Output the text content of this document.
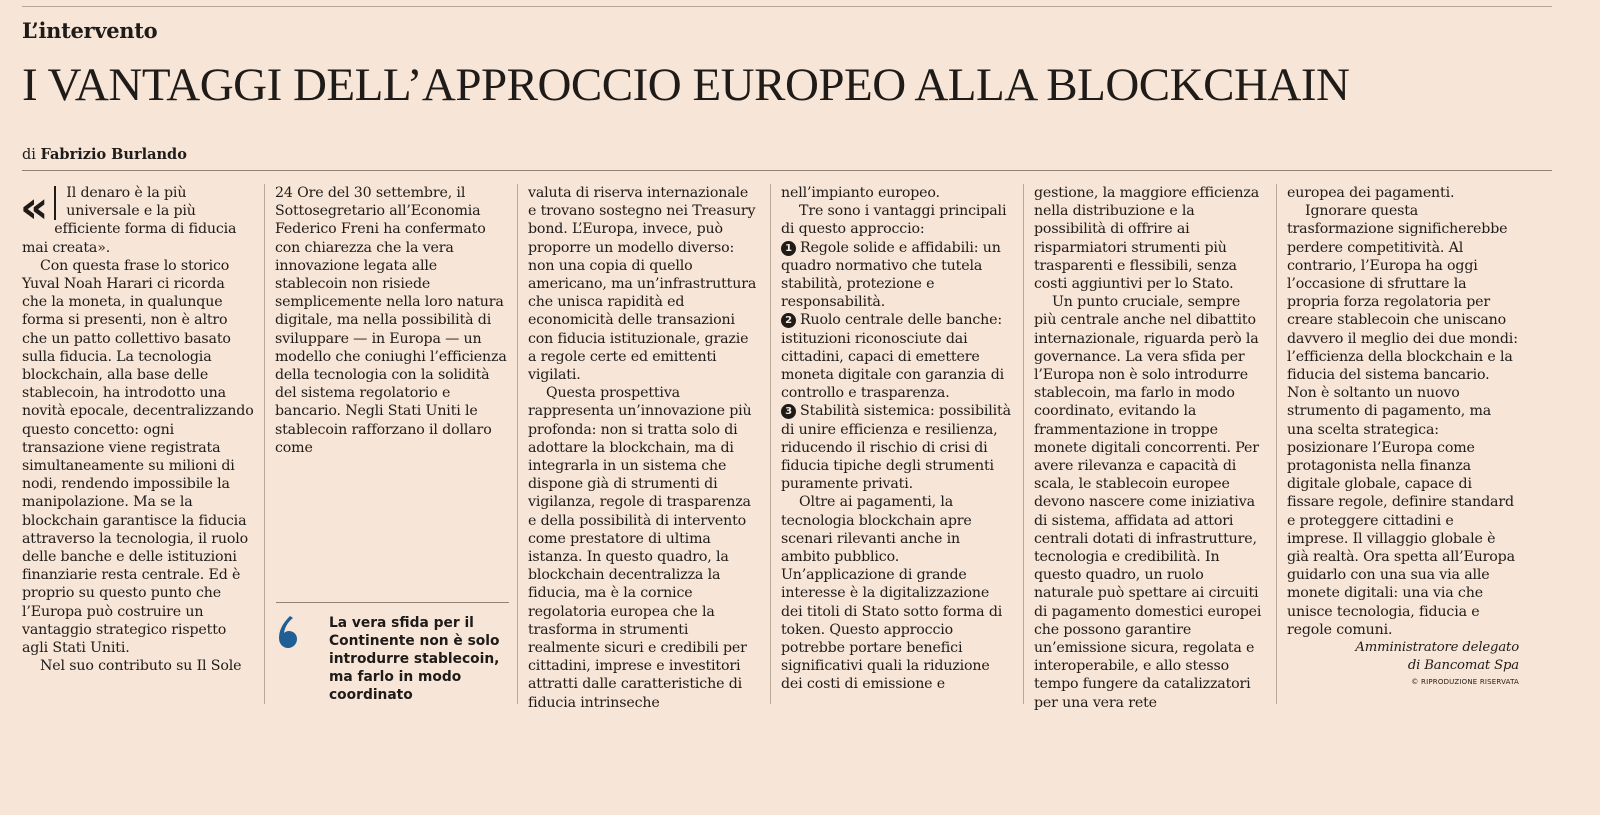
L’intervento
I VANTAGGI DELL’APPROCCIO EUROPEO ALLA BLOCKCHAIN
di Fabrizio Burlando

« Il denaro è la più universale e la più efficiente forma di fiducia mai creata».

Con questa frase lo storico Yuval Noah Harari ci ricorda che la moneta, in qualunque forma si presenti, non è altro che un patto collettivo basato sulla fiducia. La tecnologia blockchain, alla base delle stablecoin, ha introdotto una novità epocale, decentralizzando questo concetto: ogni transazione viene registrata simultaneamente su milioni di nodi, rendendo impossibile la manipolazione. Ma se la blockchain garantisce la fiducia attraverso la tecnologia, il ruolo delle banche e delle istituzioni finanziarie resta centrale. Ed è proprio su questo punto che l’Europa può costruire un vantaggio strategico rispetto agli Stati Uniti.

Nel suo contributo su Il Sole

24 Ore del 30 settembre, il Sottosegretario all’Economia Federico Freni ha confermato con chiarezza che la vera innovazione legata alle stablecoin non risiede semplicemente nella loro natura digitale, ma nella possibilità di sviluppare — in Europa — un modello che coniughi l’efficienza della tecnologia con la solidità del sistema regolatorio e bancario. Negli Stati Uniti le stablecoin rafforzano il dollaro come

La vera sfida per il Continente non è solo introdurre stablecoin, ma farlo in modo coordinato

valuta di riserva internazionale e trovano sostegno nei Treasury bond. L’Europa, invece, può proporre un modello diverso: non una copia di quello americano, ma un’infrastruttura che unisca rapidità ed economicità delle transazioni con fiducia istituzionale, grazie a regole certe ed emittenti vigilati.

Questa prospettiva rappresenta un’innovazione più profonda: non si tratta solo di adottare la blockchain, ma di integrarla in un sistema che dispone già di strumenti di vigilanza, regole di trasparenza e della possibilità di intervento come prestatore di ultima istanza. In questo quadro, la blockchain decentralizza la fiducia, ma è la cornice regolatoria europea che la trasforma in strumenti realmente sicuri e credibili per cittadini, imprese e investitori attratti dalle caratteristiche di fiducia intrinseche

nell’impianto europeo.

Tre sono i vantaggi principali di questo approccio:

1 Regole solide e affidabili: un quadro normativo che tutela stabilità, protezione e responsabilità.

2 Ruolo centrale delle banche: istituzioni riconosciute dai cittadini, capaci di emettere moneta digitale con garanzia di controllo e trasparenza.

3 Stabilità sistemica: possibilità di unire efficienza e resilienza, riducendo il rischio di crisi di fiducia tipiche degli strumenti puramente privati.

Oltre ai pagamenti, la tecnologia blockchain apre scenari rilevanti anche in ambito pubblico. Un’applicazione di grande interesse è la digitalizzazione dei titoli di Stato sotto forma di token. Questo approccio potrebbe portare benefici significativi quali la riduzione dei costi di emissione e

gestione, la maggiore efficienza nella distribuzione e la possibilità di offrire ai risparmiatori strumenti più trasparenti e flessibili, senza costi aggiuntivi per lo Stato.

Un punto cruciale, sempre più centrale anche nel dibattito internazionale, riguarda però la governance. La vera sfida per l’Europa non è solo introdurre stablecoin, ma farlo in modo coordinato, evitando la frammentazione in troppe monete digitali concorrenti. Per avere rilevanza e capacità di scala, le stablecoin europee devono nascere come iniziativa di sistema, affidata ad attori centrali dotati di infrastrutture, tecnologia e credibilità. In questo quadro, un ruolo naturale può spettare ai circuiti di pagamento domestici europei che possono garantire un’emissione sicura, regolata e interoperabile, e allo stesso tempo fungere da catalizzatori per una vera rete

europea dei pagamenti.

Ignorare questa trasformazione significherebbe perdere competitività. Al contrario, l’Europa ha oggi l’occasione di sfruttare la propria forza regolatoria per creare stablecoin che uniscano davvero il meglio dei due mondi: l’efficienza della blockchain e la fiducia del sistema bancario. Non è soltanto un nuovo strumento di pagamento, ma una scelta strategica: posizionare l’Europa come protagonista nella finanza digitale globale, capace di fissare regole, definire standard e proteggere cittadini e imprese. Il villaggio globale è già realtà. Ora spetta all’Europa guidarlo con una sua via alle monete digitali: una via che unisce tecnologia, fiducia e regole comuni.

Amministratore delegato
di Bancomat Spa
© RIPRODUZIONE RISERVATA
